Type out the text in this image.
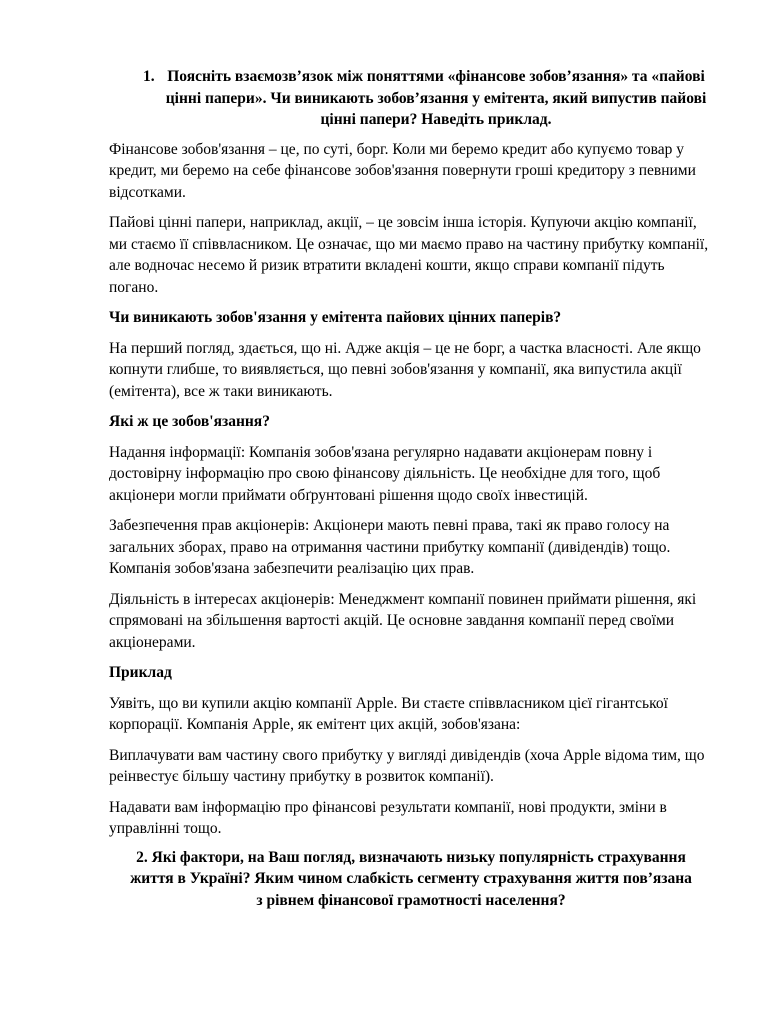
1. Поясніть взаємозв’язок між поняттями «фінансове зобов’язання» та «пайові цінні папери». Чи виникають зобов’язання у емітента, який випустив пайові цінні папери? Наведіть приклад.

Фінансове зобов'язання – це, по суті, борг. Коли ми беремо кредит або купуємо товар у кредит, ми беремо на себе фінансове зобов'язання повернути гроші кредитору з певними відсотками.

Пайові цінні папери, наприклад, акції, – це зовсім інша історія. Купуючи акцію компанії, ми стаємо її співвласником. Це означає, що ми маємо право на частину прибутку компанії, але водночас несемо й ризик втратити вкладені кошти, якщо справи компанії підуть погано.

Чи виникають зобов'язання у емітента пайових цінних паперів?

На перший погляд, здається, що ні. Адже акція – це не борг, а частка власності. Але якщо копнути глибше, то виявляється, що певні зобов'язання у компанії, яка випустила акції (емітента), все ж таки виникають.

Які ж це зобов'язання?

Надання інформації: Компанія зобов'язана регулярно надавати акціонерам повну і достовірну інформацію про свою фінансову діяльність. Це необхідне для того, щоб акціонери могли приймати обґрунтовані рішення щодо своїх інвестицій.

Забезпечення прав акціонерів: Акціонери мають певні права, такі як право голосу на загальних зборах, право на отримання частини прибутку компанії (дивідендів) тощо. Компанія зобов'язана забезпечити реалізацію цих прав.

Діяльність в інтересах акціонерів: Менеджмент компанії повинен приймати рішення, які спрямовані на збільшення вартості акцій. Це основне завдання компанії перед своїми акціонерами.

Приклад

Уявіть, що ви купили акцію компанії Apple. Ви стаєте співвласником цієї гігантської корпорації. Компанія Apple, як емітент цих акцій, зобов'язана:

Виплачувати вам частину свого прибутку у вигляді дивідендів (хоча Apple відома тим, що реінвестує більшу частину прибутку в розвиток компанії).

Надавати вам інформацію про фінансові результати компанії, нові продукти, зміни в управлінні тощо.

2. Які фактори, на Ваш погляд, визначають низьку популярність страхування життя в Україні? Яким чином слабкість сегменту страхування життя пов’язана з рівнем фінансової грамотності населення?
